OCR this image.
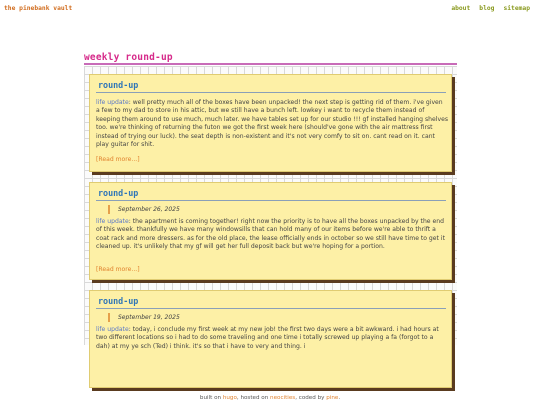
the pinebank vault	about blog sitemap
weekly round-up
round-up
life update: well pretty much all of the boxes have been unpacked! the next step is getting rid of them. i've given a few to my dad to store in his attic, but we still have a bunch left. lowkey i want to recycle them instead of keeping them around to use much, much later. we have tables set up for our studio !!! gf installed hanging shelves too. we're thinking of returning the futon we got the first week here (should've gone with the air mattress first instead of trying our luck). the seat depth is non-existent and it's not very comfy to sit on. cant read on it. cant play guitar for shit.
[Read more...]
round-up
September 26, 2025
life update: the apartment is coming together! right now the priority is to have all the boxes unpacked by the end of this week. thankfully we have many windowsills that can hold many of our items before we're able to thrift a coat rack and more dressers. as for the old place, the lease officially ends in october so we still have time to get it cleaned up. it's unlikely that my gf will get her full deposit back but we're hoping for a portion.
[Read more...]
round-up
September 19, 2025
life update: today, i conclude my first week at my new job! the first two days were a bit awkward. i had hours at two different locations so i had to do some traveling and one time i totally screwed up playing a fa (forgot to a dah) at my ye sch (Ted) i think. it's so that i have to very and thing. i
built on hugo, hosted on neocities, coded by pine.
